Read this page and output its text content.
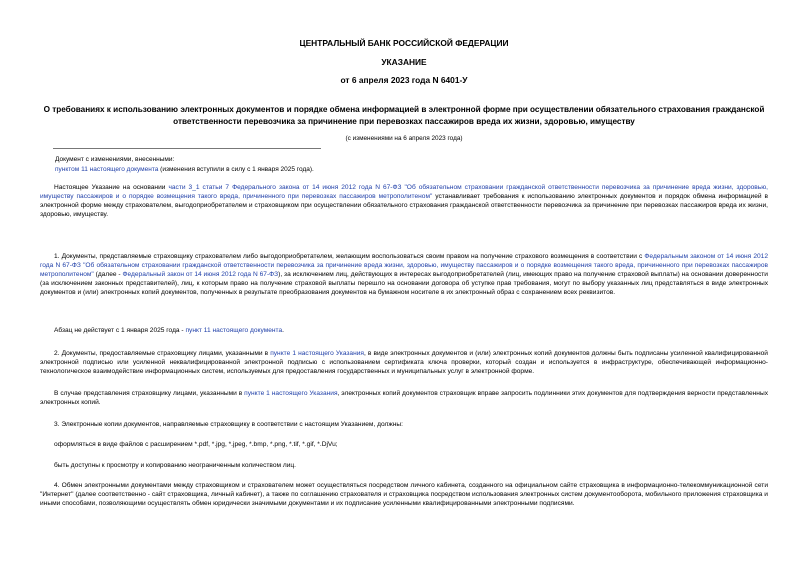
ЦЕНТРАЛЬНЫЙ БАНК РОССИЙСКОЙ ФЕДЕРАЦИИ
УКАЗАНИЕ
от 6 апреля 2023 года N 6401-У
О требованиях к использованию электронных документов и порядке обмена информацией в электронной форме при осуществлении обязательного страхования гражданской ответственности перевозчика за причинение при перевозках пассажиров вреда их жизни, здоровью, имуществу
(с изменениями на 6 апреля 2023 года)
Документ с изменениями, внесенными:
пунктом 11 настоящего документа (изменения вступили в силу с 1 января 2025 года).

Настоящее Указание на основании части 3_1 статьи 7 Федерального закона от 14 июня 2012 года N 67-ФЗ "Об обязательном страховании гражданской ответственности перевозчика за причинение вреда жизни, здоровью, имуществу пассажиров и о порядке возмещения такого вреда, причиненного при перевозках пассажиров метрополитеном" устанавливает требования к использованию электронных документов и порядок обмена информацией в электронной форме между страхователем, выгодоприобретателем и страховщиком при осуществлении обязательного страхования гражданской ответственности перевозчика за причинение при перевозках пассажиров вреда их жизни, здоровью, имуществу.

1. Документы, представляемые страховщику страхователем либо выгодоприобретателем, желающим воспользоваться своим правом на получение страхового возмещения в соответствии с Федеральным законом от 14 июня 2012 года N 67-ФЗ "Об обязательном страховании гражданской ответственности перевозчика за причинение вреда жизни, здоровью, имуществу пассажиров и о порядке возмещения такого вреда, причиненного при перевозках пассажиров метрополитеном" (далее - Федеральный закон от 14 июня 2012 года N 67-ФЗ), за исключением лиц, действующих в интересах выгодоприобретателей (лиц, имеющих право на получение страховой выплаты) на основании доверенности (за исключением законных представителей), лиц, к которым право на получение страховой выплаты перешло на основании договора об уступке прав требования, могут по выбору указанных лиц представляться в виде электронных документов и (или) электронных копий документов, полученных в результате преобразования документов на бумажном носителе в их электронный образ с сохранением всех реквизитов.

Абзац не действует с 1 января 2025 года - пункт 11 настоящего документа.

2. Документы, предоставляемые страховщику лицами, указанными в пункте 1 настоящего Указания, в виде электронных документов и (или) электронных копий документов должны быть подписаны усиленной квалифицированной электронной подписью или усиленной неквалифицированной электронной подписью с использованием сертификата ключа проверки, который создан и используется в инфраструктуре, обеспечивающей информационно-технологическое взаимодействие информационных систем, используемых для предоставления государственных и муниципальных услуг в электронной форме.

В случае представления страховщику лицами, указанными в пункте 1 настоящего Указания, электронных копий документов страховщик вправе запросить подлинники этих документов для подтверждения верности представленных электронных копий.

3. Электронные копии документов, направляемые страховщику в соответствии с настоящим Указанием, должны:

оформляться в виде файлов с расширением *.pdf, *.jpg, *.jpeg, *.bmp, *.png, *.tif, *.gif, *.DjVu;

быть доступны к просмотру и копированию неограниченным количеством лиц.

4. Обмен электронными документами между страховщиком и страхователем может осуществляться посредством личного кабинета, созданного на официальном сайте страховщика в информационно-телекоммуникационной сети "Интернет" (далее соответственно - сайт страховщика, личный кабинет), а также по соглашению страхователя и страховщика посредством использования электронных систем документооборота, мобильного приложения страховщика и иными способами, позволяющими осуществлять обмен юридически значимыми документами и их подписание усиленными квалифицированными электронными подписями.
